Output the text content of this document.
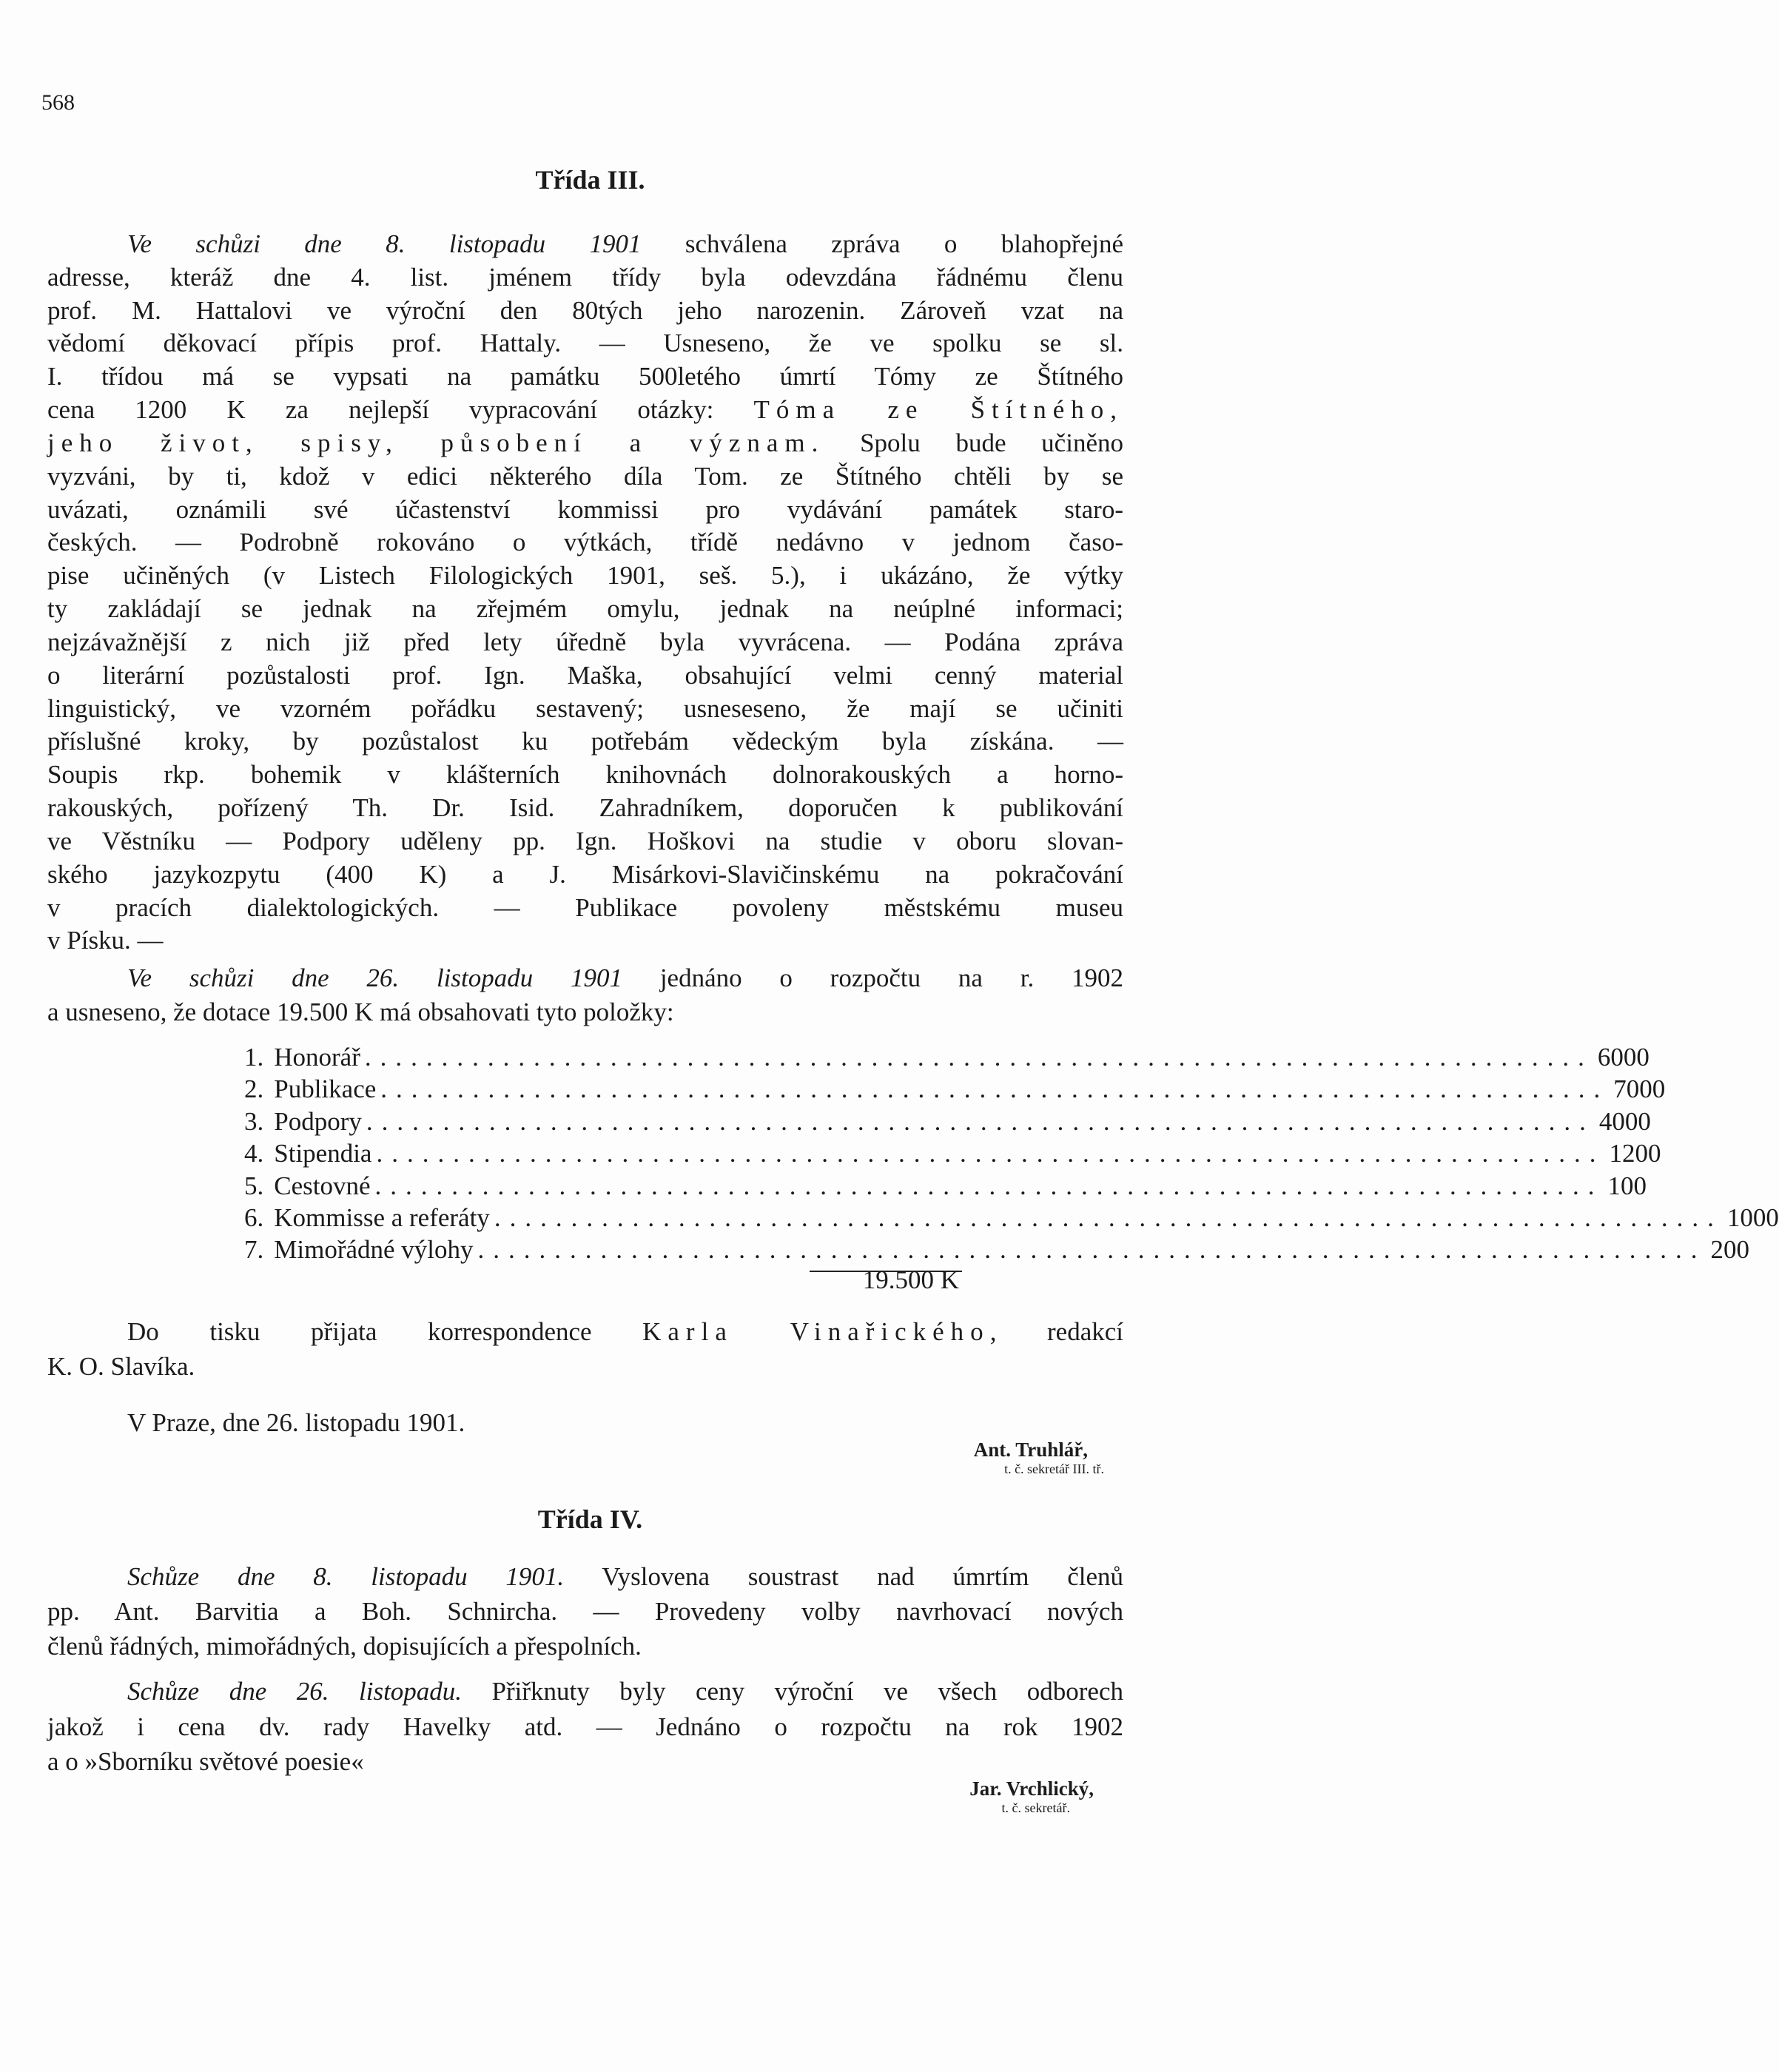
568
Třída III.
Ve schůzi dne 8. listopadu 1901 schválena zpráva o blahopřejné
adresse, kteráž dne 4. list. jménem třídy byla odevzdána řádnému členu
prof. M. Hattalovi ve výroční den 80tých jeho narozenin. Zároveň vzat na
vědomí děkovací přípis prof. Hattaly. — Usneseno, že ve spolku se sl.
I. třídou má se vypsati na památku 500letého úmrtí Tómy ze Štítného
cena 1200 K za nejlepší vypracování otázky: Tóma ze Štítného,
jeho život, spisy, působení a význam. Spolu bude učiněno
vyzváni, by ti, kdož v edici některého díla Tom. ze Štítného chtěli by se
uvázati, oznámili své účastenství kommissi pro vydávání památek staro-
českých. — Podrobně rokováno o výtkách, třídě nedávno v jednom časo-
pise učiněných (v Listech Filologických 1901, seš. 5.), i ukázáno, že výtky
ty zakládají se jednak na zřejmém omylu, jednak na neúplné informaci;
nejzávažnější z nich již před lety úředně byla vyvrácena. — Podána zpráva
o literární pozůstalosti prof. Ign. Maška, obsahující velmi cenný material
linguistický, ve vzorném pořádku sestavený; usneseseno, že mají se učiniti
příslušné kroky, by pozůstalost ku potřebám vědeckým byla získána. —
Soupis rkp. bohemik v klášterních knihovnách dolnorakouských a horno-
rakouských, pořízený Th. Dr. Isid. Zahradníkem, doporučen k publikování
ve Věstníku — Podpory uděleny pp. Ign. Hoškovi na studie v oboru slovan-
ského jazykozpytu (400 K) a J. Misárkovi-Slavičinskému na pokračování
v pracích dialektologických. — Publikace povoleny městskému museu
v Písku. —
Ve schůzi dne 26. listopadu 1901 jednáno o rozpočtu na r. 1902
a usneseno, že dotace 19.500 K má obsahovati tyto položky:
1. Honorář ................................................................................ 6000
2. Publikace ................................................................................ 7000
3. Podpory ................................................................................ 4000
4. Stipendia ................................................................................ 1200
5. Cestovné ................................................................................ 100
6. Kommisse a referáty ................................................................................ 1000
7. Mimořádné výlohy ................................................................................ 200
19.500 K
Do tisku přijata korrespondence Karla Vinařického, redakcí
K. O. Slavíka.
V Praze, dne 26. listopadu 1901.
Ant. Truhlář,
t. č. sekretář III. tř.
Třída IV.
Schůze dne 8. listopadu 1901. Vyslovena soustrast nad úmrtím členů
pp. Ant. Barvitia a Boh. Schnircha. — Provedeny volby navrhovací nových
členů řádných, mimořádných, dopisujících a přespolních.
Schůze dne 26. listopadu. Přiřknuty byly ceny výroční ve všech odborech
jakož i cena dv. rady Havelky atd. — Jednáno o rozpočtu na rok 1902
a o »Sborníku světové poesie«
Jar. Vrchlický,
t. č. sekretář.
